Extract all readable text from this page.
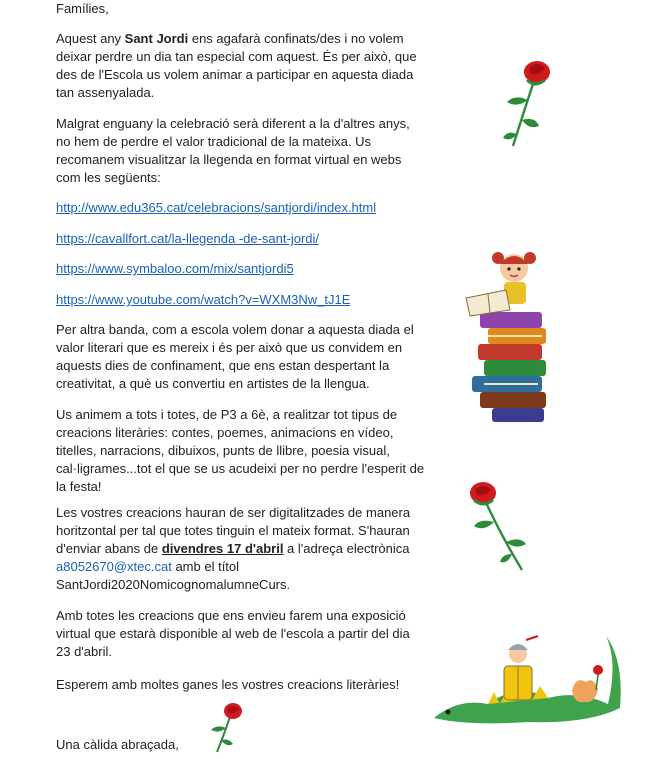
Famílies,
Aquest any Sant Jordi ens agafarà confinats/des i no volem
deixar perdre un dia tan especial com aquest. És per això, que
des de l'Escola us volem animar a participar en aquesta diada
tan assenyalada.
Malgrat enguany la celebració serà diferent a la d'altres anys,
no hem de perdre el valor tradicional de la mateixa. Us
recomanem visualitzar la llegenda en format virtual en webs
com les següents:
http://www.edu365.cat/celebracions/santjordi/index.html
https://cavallfort.cat/la-llegenda -de-sant-jordi/
https://www.symbaloo.com/mix/santjordi5
https://www.youtube.com/watch?v=WXM3Nw_tJ1E
Per altra banda, com a escola volem donar a aquesta diada el
valor literari que es mereix i és per això que us convidem en
aquests dies de confinament, que ens estan despertant la
creativitat, a què us convertiu en artistes de la llengua.
Us animem a tots i totes, de P3 a 6è, a realitzar tot tipus de
creacions literàries: contes, poemes, animacions en vídeo,
titelles, narracions, dibuixos, punts de llibre, poesia visual,
cal·ligrames...tot el que se us acudeixi per no perdre l'esperit de
la festa!
Les vostres creacions hauran de ser digitalitzades de manera
horitzontal per tal que totes tinguin el mateix format. S'hauran
d'enviar abans de divendres 17 d'abril a l'adreça electrònica
a8052670@xtec.cat amb el títol
SantJordi2020NomicognomalumneCurs.
Amb totes les creacions que ens envieu farem una exposició
virtual que estarà disponible al web de l'escola a partir del dia
23 d'abril.
Esperem amb moltes ganes les vostres creacions literàries!
Una càlida abraçada,
